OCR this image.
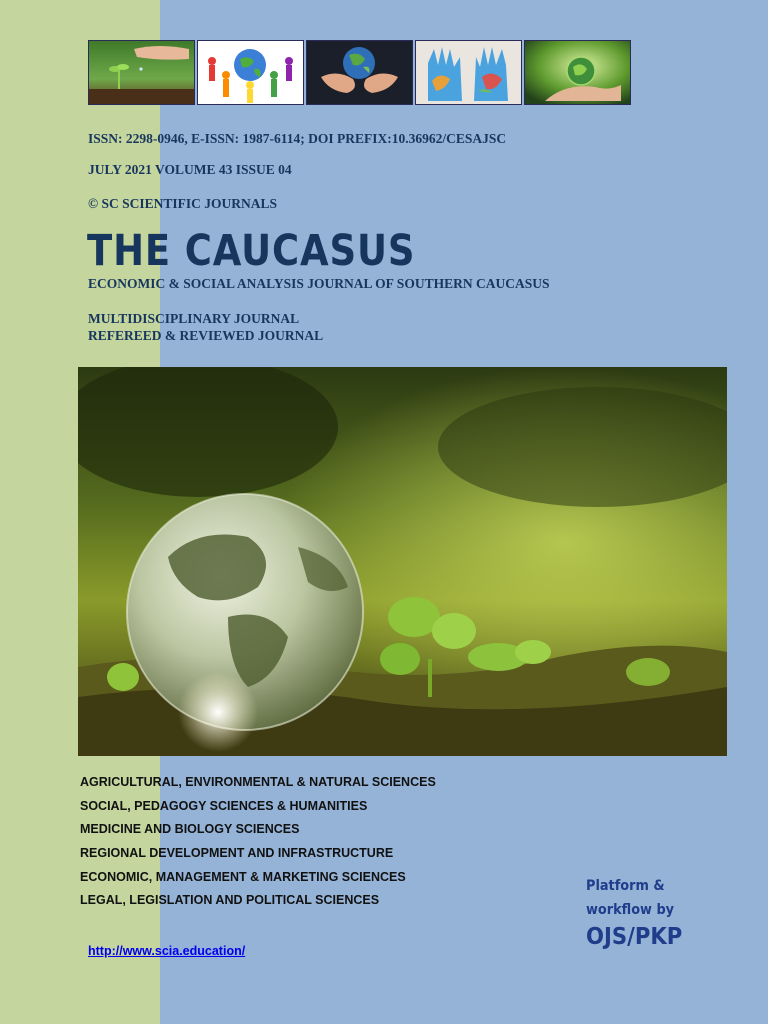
ISSN: 2298-0946, E-ISSN: 1987-6114; DOI PREFIX:10.36962/CESAJSC
JULY 2021 VOLUME 43 ISSUE 04
© SC SCIENTIFIC JOURNALS
THE CAUCASUS
ECONOMIC & SOCIAL ANALYSIS JOURNAL OF SOUTHERN CAUCASUS
MULTIDISCIPLINARY JOURNAL
REFEREED & REVIEWED JOURNAL
AGRICULTURAL, ENVIRONMENTAL & NATURAL SCIENCES
SOCIAL, PEDAGOGY SCIENCES & HUMANITIES
MEDICINE AND BIOLOGY SCIENCES
REGIONAL DEVELOPMENT AND INFRASTRUCTURE
ECONOMIC, MANAGEMENT & MARKETING SCIENCES
LEGAL, LEGISLATION AND POLITICAL SCIENCES
Platform &
workflow by
OJS/PKP
http://www.scia.education/
